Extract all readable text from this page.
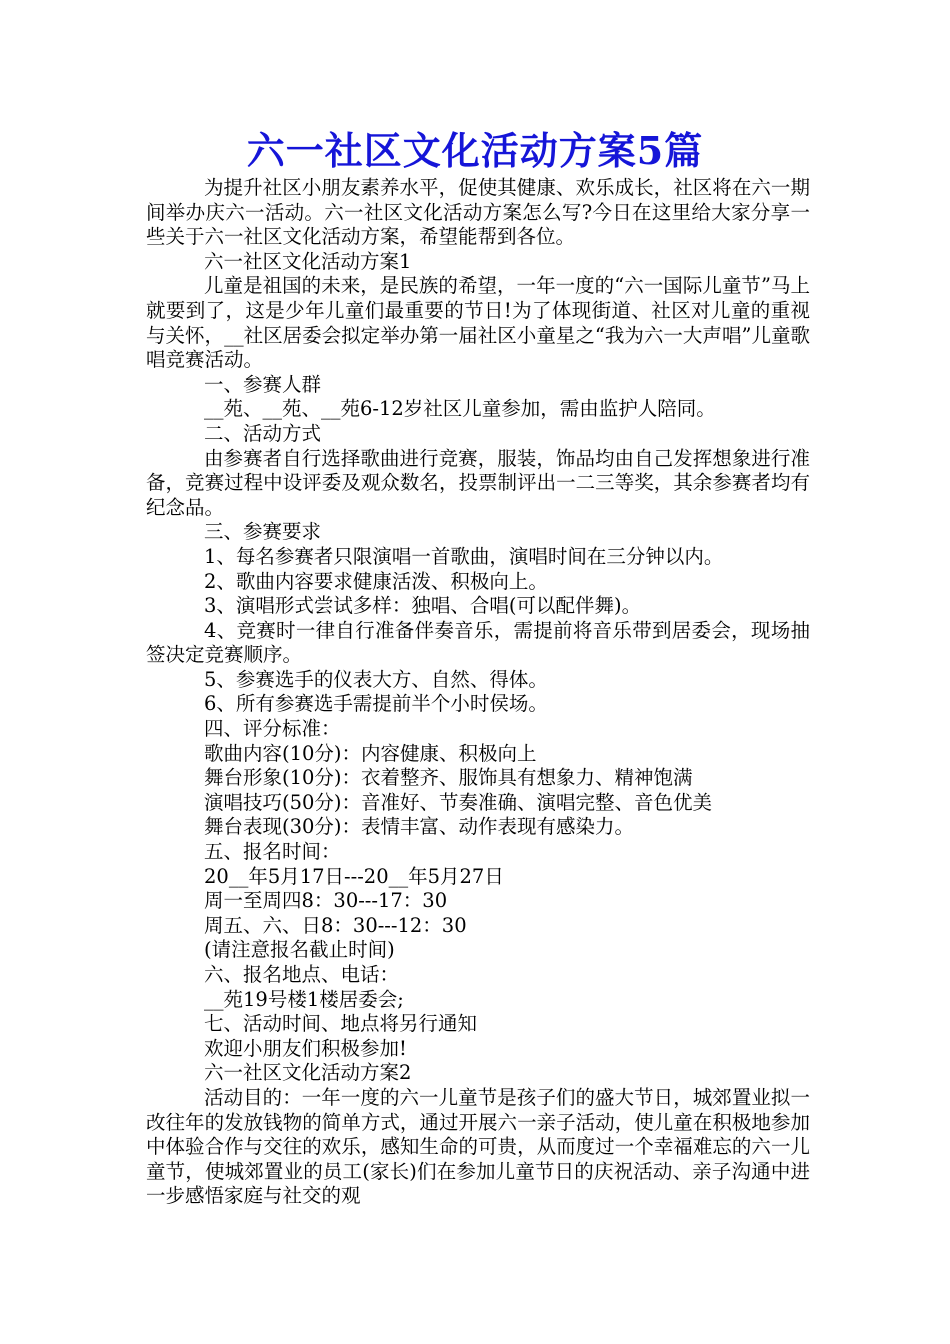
六一社区文化活动方案5篇

为提升社区小朋友素养水平，促使其健康、欢乐成长，社区将在六一期间举办庆六一活动。六一社区文化活动方案怎么写?今日在这里给大家分享一些关于六一社区文化活动方案，希望能帮到各位。

六一社区文化活动方案1

儿童是祖国的未来，是民族的希望，一年一度的“六一国际儿童节”马上就要到了，这是少年儿童们最重要的节日!为了体现街道、社区对儿童的重视与关怀，__社区居委会拟定举办第一届社区小童星之“我为六一大声唱”儿童歌唱竞赛活动。

一、参赛人群

__苑、__苑、__苑6-12岁社区儿童参加，需由监护人陪同。

二、活动方式

由参赛者自行选择歌曲进行竞赛，服装，饰品均由自己发挥想象进行准备，竞赛过程中设评委及观众数名，投票制评出一二三等奖，其余参赛者均有纪念品。

三、参赛要求

1、每名参赛者只限演唱一首歌曲，演唱时间在三分钟以内。

2、歌曲内容要求健康活泼、积极向上。

3、演唱形式尝试多样：独唱、合唱(可以配伴舞)。

4、竞赛时一律自行准备伴奏音乐，需提前将音乐带到居委会，现场抽签决定竞赛顺序。

5、参赛选手的仪表大方、自然、得体。

6、所有参赛选手需提前半个小时侯场。

四、评分标准：

歌曲内容(10分)：内容健康、积极向上

舞台形象(10分)：衣着整齐、服饰具有想象力、精神饱满

演唱技巧(50分)：音准好、节奏准确、演唱完整、音色优美

舞台表现(30分)：表情丰富、动作表现有感染力。

五、报名时间：

20__年5月17日---20__年5月27日

周一至周四8：30---17：30

周五、六、日8：30---12：30

(请注意报名截止时间)

六、报名地点、电话：

__苑19号楼1楼居委会;

七、活动时间、地点将另行通知

欢迎小朋友们积极参加!

六一社区文化活动方案2

活动目的：一年一度的六一儿童节是孩子们的盛大节日，城郊置业拟一改往年的发放钱物的简单方式，通过开展六一亲子活动，使儿童在积极地参加中体验合作与交往的欢乐，感知生命的可贵，从而度过一个幸福难忘的六一儿童节，使城郊置业的员工(家长)们在参加儿童节日的庆祝活动、亲子沟通中进一步感悟家庭与社交的观
